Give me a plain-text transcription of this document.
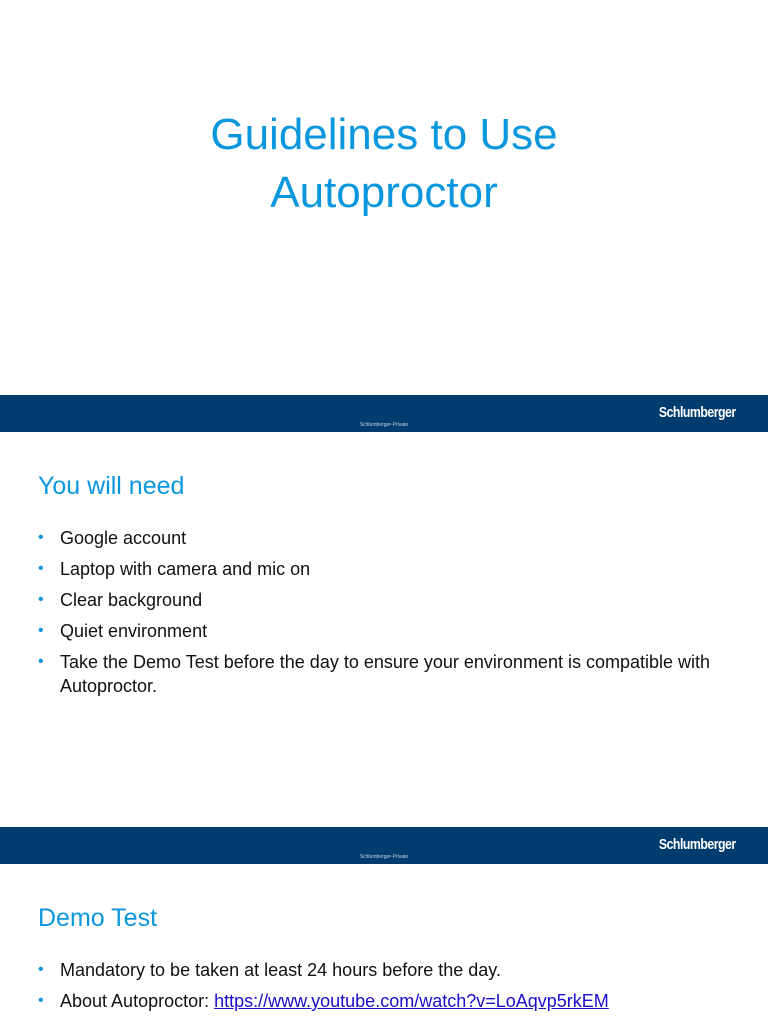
Guidelines to Use
Autoproctor
Schlumberger-Private
Schlumberger
You will need
• Google account
• Laptop with camera and mic on
• Clear background
• Quiet environment
• Take the Demo Test before the day to ensure your environment is compatible with Autoproctor.
Schlumberger-Private
Schlumberger
Demo Test
• Mandatory to be taken at least 24 hours before the day.
• About Autoproctor: https://www.youtube.com/watch?v=LoAqvp5rkEM
